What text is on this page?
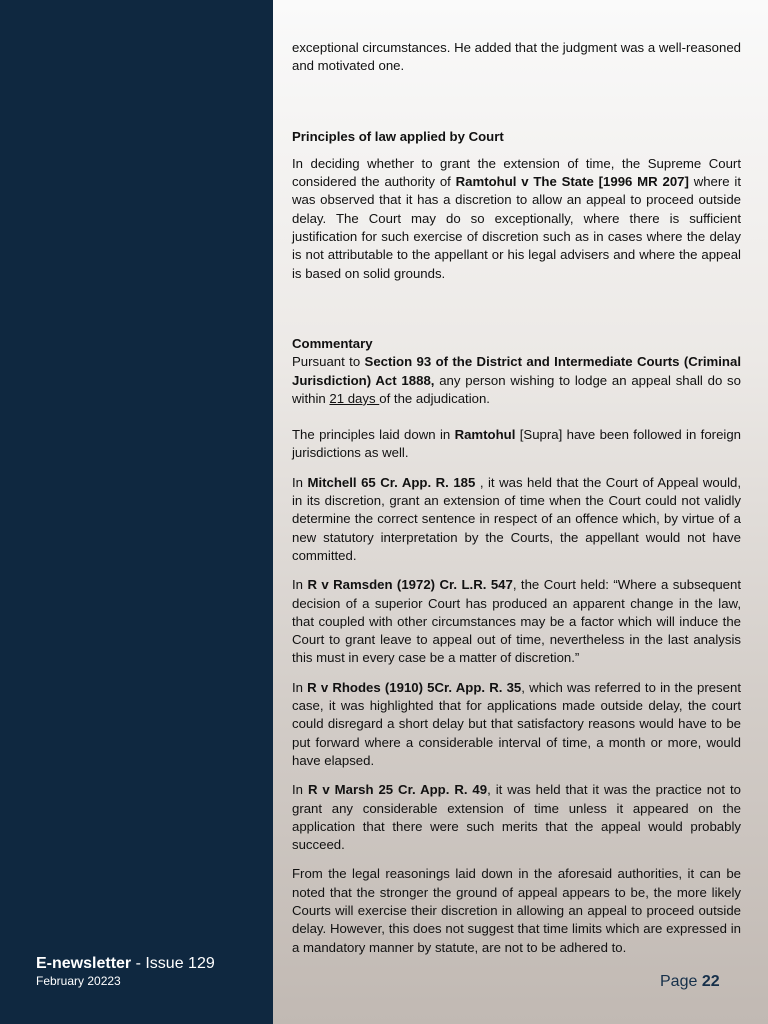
E-newsletter - Issue 129
February 20223

exceptional circumstances. He added that the judgment was a well-reasoned and motivated one.

Principles of law applied by Court

In deciding whether to grant the extension of time, the Supreme Court considered the authority of Ramtohul v The State [1996 MR 207] where it was observed that it has a discretion to allow an appeal to proceed outside delay. The Court may do so exceptionally, where there is sufficient justification for such exercise of discretion such as in cases where the delay is not attributable to the appellant or his legal advisers and where the appeal is based on solid grounds.

Commentary

Pursuant to Section 93 of the District and Intermediate Courts (Criminal Jurisdiction) Act 1888, any person wishing to lodge an appeal shall do so within 21 days of the adjudication.

The principles laid down in Ramtohul [Supra] have been followed in foreign jurisdictions as well.

In Mitchell 65 Cr. App. R. 185 , it was held that the Court of Appeal would, in its discretion, grant an extension of time when the Court could not validly determine the correct sentence in respect of an offence which, by virtue of a new statutory interpretation by the Courts, the appellant would not have committed.

In R v Ramsden (1972) Cr. L.R. 547, the Court held: “Where a subsequent decision of a superior Court has produced an apparent change in the law, that coupled with other circumstances may be a factor which will induce the Court to grant leave to appeal out of time, nevertheless in the last analysis this must in every case be a matter of discretion.”

In R v Rhodes (1910) 5Cr. App. R. 35, which was referred to in the present case, it was highlighted that for applications made outside delay, the court could disregard a short delay but that satisfactory reasons would have to be put forward where a considerable interval of time, a month or more, would have elapsed.

In R v Marsh 25 Cr. App. R. 49, it was held that it was the practice not to grant any considerable extension of time unless it appeared on the application that there were such merits that the appeal would probably succeed.

From the legal reasonings laid down in the aforesaid authorities, it can be noted that the stronger the ground of appeal appears to be, the more likely Courts will exercise their discretion in allowing an appeal to proceed outside delay. However, this does not suggest that time limits which are expressed in a mandatory manner by statute, are not to be adhered to.

Page 22
